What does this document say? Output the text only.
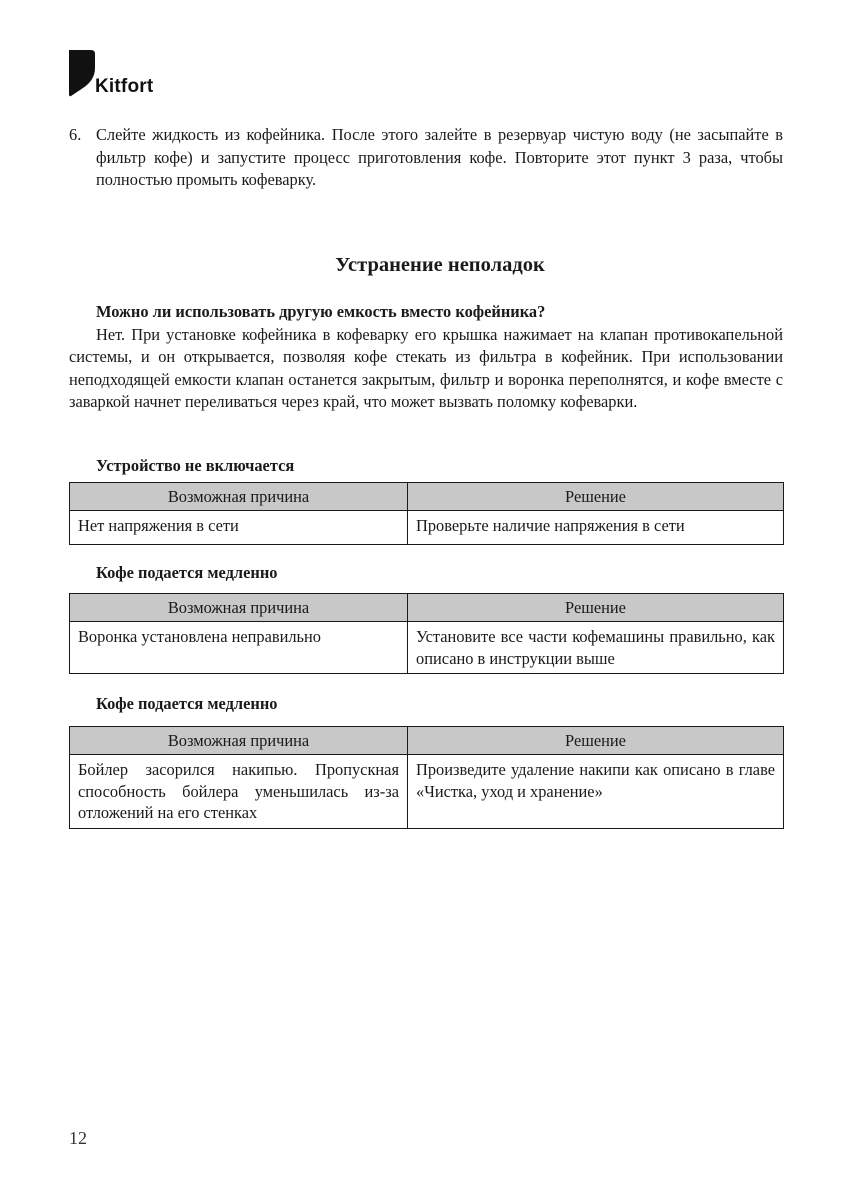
Kitfort
6. Слейте жидкость из кофейника. После этого залейте в резервуар чистую воду (не засыпайте в фильтр кофе) и запустите процесс приготовления кофе. Повторите этот пункт 3 раза, чтобы полностью промыть кофеварку.
Устранение неполадок
Можно ли использовать другую емкость вместо кофейника?
Нет. При установке кофейника в кофеварку его крышка нажимает на клапан противокапельной системы, и он открывается, позволяя кофе стекать из фильтра в кофейник. При использовании неподходящей емкости клапан останется закрытым, фильтр и воронка переполнятся, и кофе вместе с заваркой начнет переливаться через край, что может вызвать поломку кофеварки.
Устройство не включается
Возможная причина	Решение
Нет напряжения в сети	Проверьте наличие напряжения в сети
Кофе подается медленно
Возможная причина	Решение
Воронка установлена неправильно	Установите все части кофемашины правильно, как описано в инструкции выше
Кофе подается медленно
Возможная причина	Решение
Бойлер засорился накипью. Пропускная способность бойлера уменьшилась из-за отложений на его стенках	Произведите удаление накипи как описано в главе «Чистка, уход и хранение»
12
